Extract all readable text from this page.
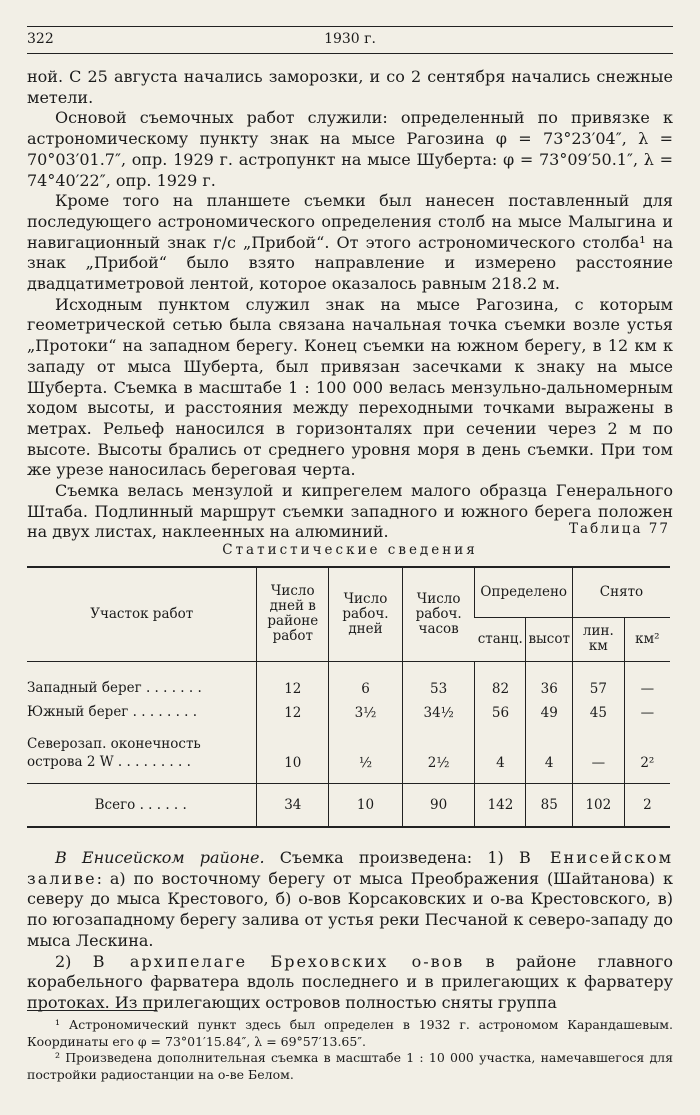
322	1930 г.

ной. С 25 августа начались заморозки, и со 2 сентября начались снежные метели.

Основой съемочных работ служили: определенный по привязке к астрономическому пункту знак на мысе Рагозина φ = 73°23′04″, λ = 70°03′01.7″, опр. 1929 г. астропункт на мысе Шуберта: φ = 73°09′50.1″, λ = 74°40′22″, опр. 1929 г.

Кроме того на планшете съемки был нанесен поставленный для последующего астрономического определения столб на мысе Малыгина и навигационный знак г/с „Прибой“. От этого астрономического столба¹ на знак „Прибой“ было взято направление и измерено расстояние двадцатиметровой лентой, которое оказалось равным 218.2 м.

Исходным пунктом служил знак на мысе Рагозина, с которым геометрической сетью была связана начальная точка съемки возле устья „Протоки“ на западном берегу. Конец съемки на южном берегу, в 12 км к западу от мыса Шуберта, был привязан засечками к знаку на мысе Шуберта. Съемка в масштабе 1 : 100 000 велась мензульно-дальномерным ходом высоты, и расстояния между переходными точками выражены в метрах. Рельеф наносился в горизонталях при сечении через 2 м по высоте. Высоты брались от среднего уровня моря в день съемки. При том же урезе наносилась береговая черта.

Съемка велась мензулой и кипрегелем малого образца Генерального Штаба. Подлинный маршрут съемки западного и южного берега положен на двух листах, наклеенных на алюминий.	Таблица 77
Статистические сведения
Участок работ	Число дней в районе работ	Число рабоч. дней	Число рабоч. часов	Определено		Снято	
				станц.	высот	лин. км	км²
Западный берег . . . . . . .	12	6	53	82	36	57	—
Южный берег . . . . . . . .	12	3½	34½	56	49	45	—
Северозап. оконечность острова 2 W . . . . . . . . .	10	½	2½	4	4	—	2²

Всего . . . . . .	34	10	90	142	85	102	2

В Енисейском районе. Съемка произведена: 1) В Енисейском заливе: а) по восточному берегу от мыса Преображения (Шайтанова) к северу до мыса Крестового, б) о-вов Корсаковских и о-ва Крестовского, в) по югозападному берегу залива от устья реки Песчаной к северо-западу до мыса Лескина.

2) В архипелаге Бреховских о-вов в районе главного корабельного фарватера вдоль последнего и в прилегающих к фарватеру протоках. Из прилегающих островов полностью сняты группа

¹ Астрономический пункт здесь был определен в 1932 г. астрономом Карандашевым. Координаты его φ = 73°01′15.84″, λ = 69°57′13.65″.

² Произведена дополнительная съемка в масштабе 1 : 10 000 участка, намечавшегося для постройки радиостанции на о-ве Белом.
